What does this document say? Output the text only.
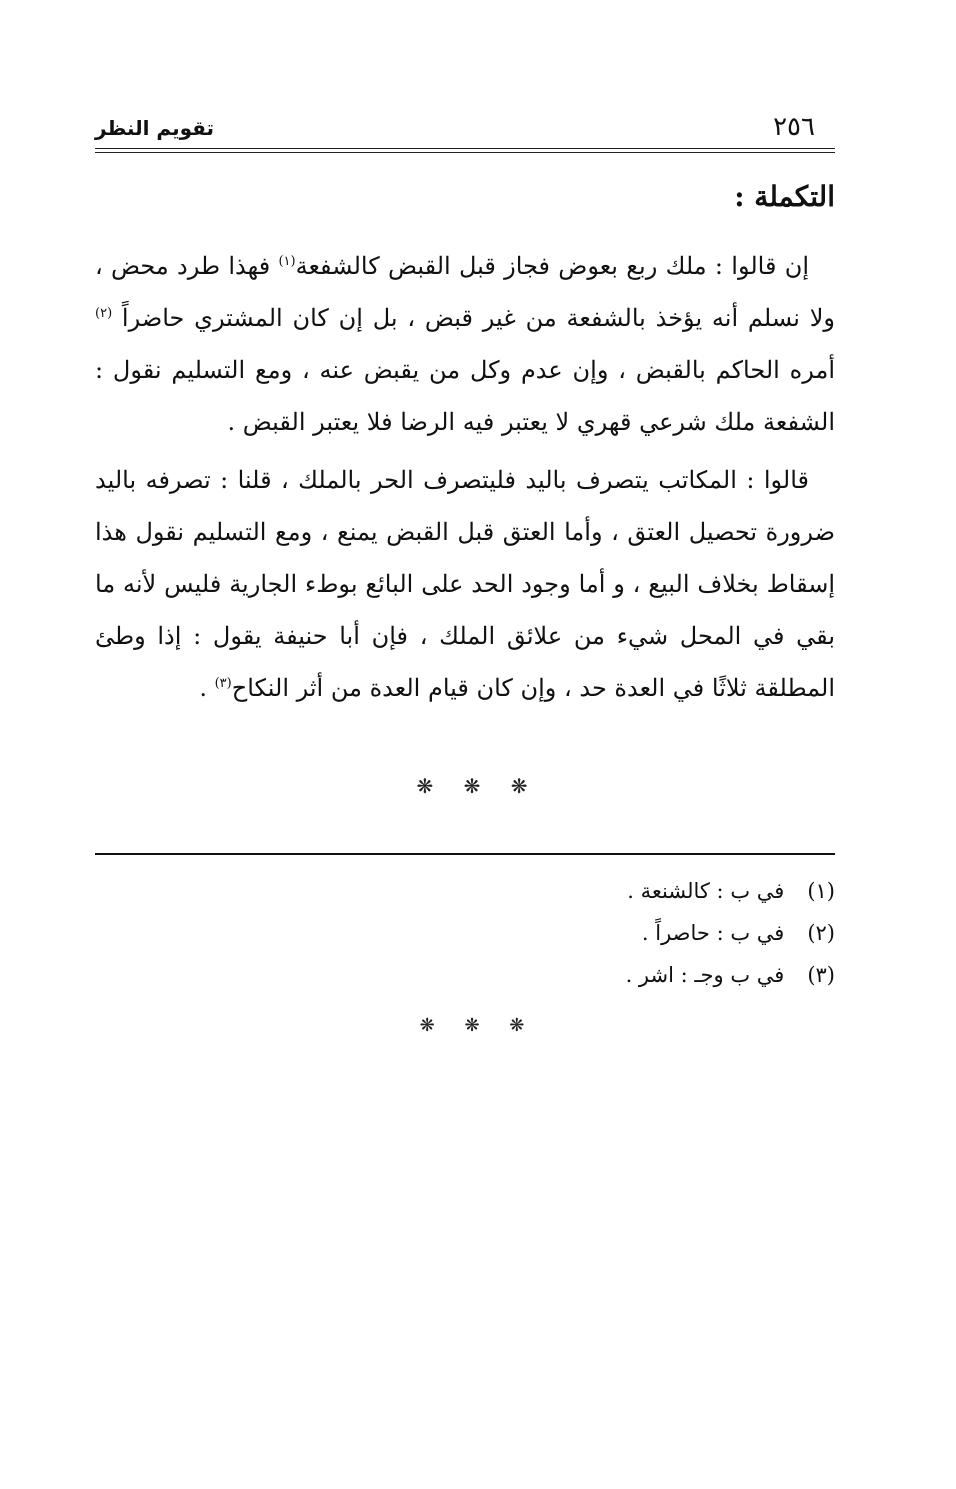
تقويم النظر	٢٥٦
التكملة :

إن قالوا : ملك ربع بعوض فجاز قبل القبض كالشفعة$^{(١)}$ فهذا طرد محض ، ولا نسلم أنه يؤخذ بالشفعة من غير قبض ، بل إن كان المشتري حاضراً $^{(٢)}$ أمره الحاكم بالقبض ، وإن عدم وكل من يقبض عنه ، ومع التسليم نقول : الشفعة ملك شرعي قهري لا يعتبر فيه الرضا فلا يعتبر القبض .

قالوا : المكاتب يتصرف باليد فليتصرف الحر بالملك ، قلنا : تصرفه باليد ضرورة تحصيل العتق ، وأما العتق قبل القبض يمنع ، ومع التسليم نقول هذا إسقاط بخلاف البيع ، و أما وجود الحد على البائع بوطء الجارية فليس لأنه ما بقي في المحل شيء من علائق الملك ، فإن أبا حنيفة يقول : إذا وطئ المطلقة ثلاثًا في العدة حد ، وإن كان قيام العدة من أثر النكاح$^{(٣)}$ .

❋ ❋ ❋
(١) في ب : كالشنعة .
(٢) في ب : حاصراً .
(٣) في ب وجـ : اشر .
❋ ❋ ❋
